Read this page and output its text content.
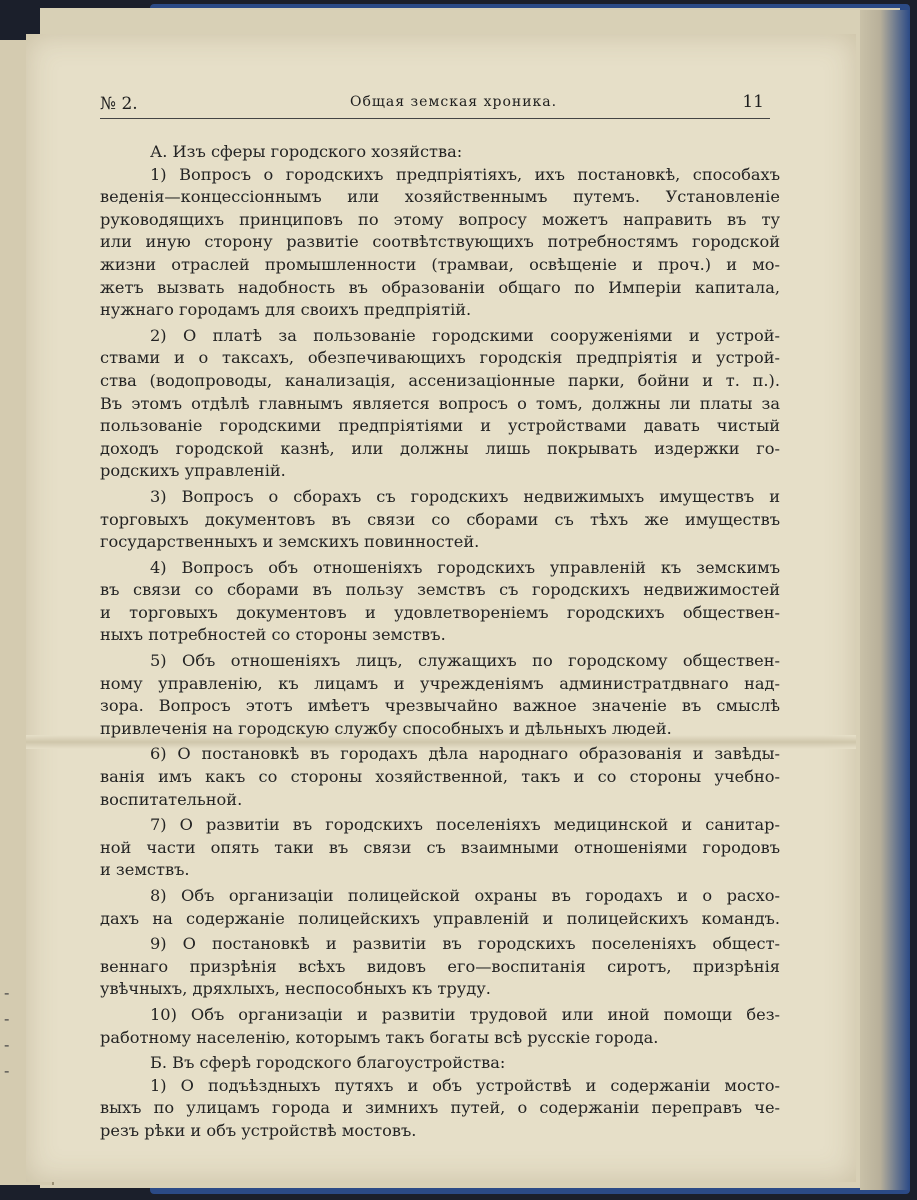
-
-
-
-
№ 2.	Общая земская хроника.	11
А. Изъ сферы городского хозяйства:
1) Вопросъ о городскихъ предпріятіяхъ, ихъ постановкѣ, способахъ
веденія—концессіоннымъ или хозяйственнымъ путемъ. Установленіе
руководящихъ принциповъ по этому вопросу можетъ направить въ ту
или иную сторону развитіе соотвѣтствующихъ потребностямъ городской
жизни отраслей промышленности (трамваи, освѣщеніе и проч.) и мо-
жетъ вызвать надобность въ образованіи общаго по Имперіи капитала,
нужнаго городамъ для своихъ предпріятій.
2) О платѣ за пользованіе городскими сооруженіями и устрой-
ствами и о таксахъ, обезпечивающихъ городскія предпріятія и устрой-
ства (водопроводы, канализація, ассенизаціонные парки, бойни и т. п.).
Въ этомъ отдѣлѣ главнымъ является вопросъ о томъ, должны ли платы за
пользованіе городскими предпріятіями и устройствами давать чистый
доходъ городской казнѣ, или должны лишь покрывать издержки го-
родскихъ управленій.
3) Вопросъ о сборахъ съ городскихъ недвижимыхъ имуществъ и
торговыхъ документовъ въ связи со сборами съ тѣхъ же имуществъ
государственныхъ и земскихъ повинностей.
4) Вопросъ объ отношеніяхъ городскихъ управленій къ земскимъ
въ связи со сборами въ пользу земствъ съ городскихъ недвижимостей
и торговыхъ документовъ и удовлетвореніемъ городскихъ обществен-
ныхъ потребностей со стороны земствъ.
5) Объ отношеніяхъ лицъ, служащихъ по городскому обществен-
ному управленію, къ лицамъ и учрежденіямъ администратдвнаго над-
зора. Вопросъ этотъ имѣетъ чрезвычайно важное значеніе въ смыслѣ
привлеченія на городскую службу способныхъ и дѣльныхъ людей.
6) О постановкѣ въ городахъ дѣла народнаго образованія и завѣды-
ванія имъ какъ со стороны хозяйственной, такъ и со стороны учебно-
воспитательной.
7) О развитіи въ городскихъ поселеніяхъ медицинской и санитар-
ной части опять таки въ связи съ взаимными отношеніями городовъ
и земствъ.
8) Объ организаціи полицейской охраны въ городахъ и о расхо-
дахъ на содержаніе полицейскихъ управленій и полицейскихъ командъ.
9) О постановкѣ и развитіи въ городскихъ поселеніяхъ общест-
веннаго призрѣнія всѣхъ видовъ его—воспитанія сиротъ, призрѣнія
увѣчныхъ, дряхлыхъ, неспособныхъ къ труду.
10) Объ организаціи и развитіи трудовой или иной помощи без-
работному населенію, которымъ такъ богаты всѣ русскіе города.
Б. Въ сферѣ городского благоустройства:
1) О подъѣздныхъ путяхъ и объ устройствѣ и содержаніи мосто-
выхъ по улицамъ города и зимнихъ путей, о содержаніи переправъ че-
резъ рѣки и объ устройствѣ мостовъ.
